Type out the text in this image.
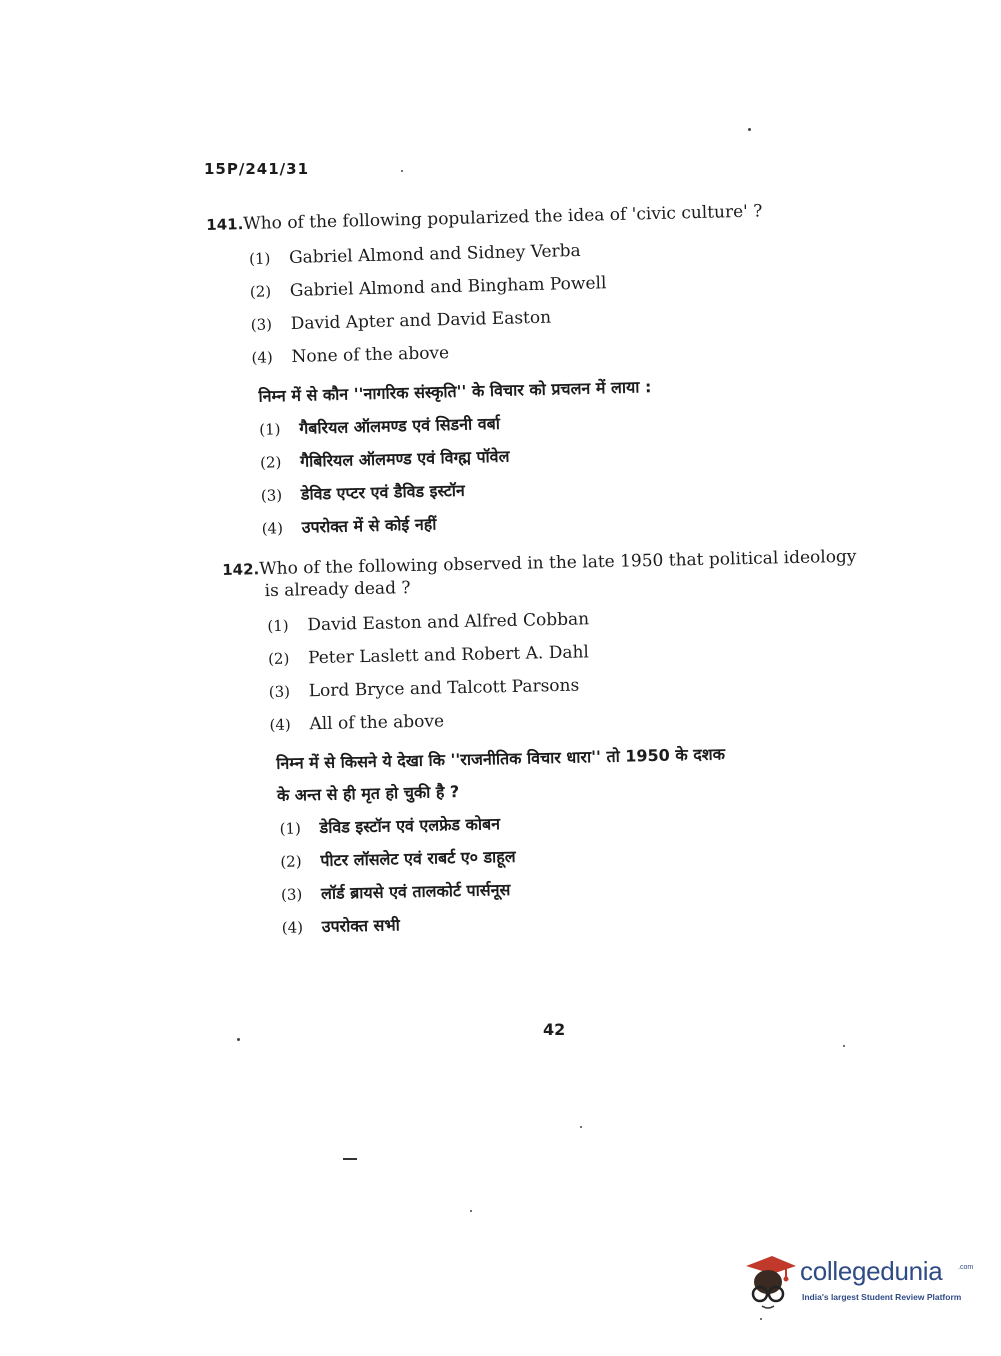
15P/241/31
141.Who of the following popularized the idea of 'civic culture' ?
(1) Gabriel Almond and Sidney Verba
(2) Gabriel Almond and Bingham Powell
(3) David Apter and David Easton
(4) None of the above
निम्न में से कौन ''नागरिक संस्कृति'' के विचार को प्रचलन में लाया :
(1) गैबरियल ऑलमण्ड एवं सिडनी वर्बा
(2) गैबिरियल ऑलमण्ड एवं विग्ह्म पॉवेल
(3) डेविड एप्टर एवं डैविड इस्टॉन
(4) उपरोक्त में से कोई नहीं
142.Who of the following observed in the late 1950 that political ideology
is already dead ?
(1) David Easton and Alfred Cobban
(2) Peter Laslett and Robert A. Dahl
(3) Lord Bryce and Talcott Parsons
(4) All of the above
निम्न में से किसने ये देखा कि ''राजनीतिक विचार धारा'' तो 1950 के दशक
के अन्त से ही मृत हो चुकी है ?
(1) डेविड इस्टॉन एवं एलफ्रेड कोबन
(2) पीटर लॉसलेट एवं राबर्ट ए० डाहूल
(3) लॉर्ड ब्रायसे एवं तालकोर्ट पार्सनूस
(4) उपरोक्त सभी
42
collegedunia .com
India's largest Student Review Platform
